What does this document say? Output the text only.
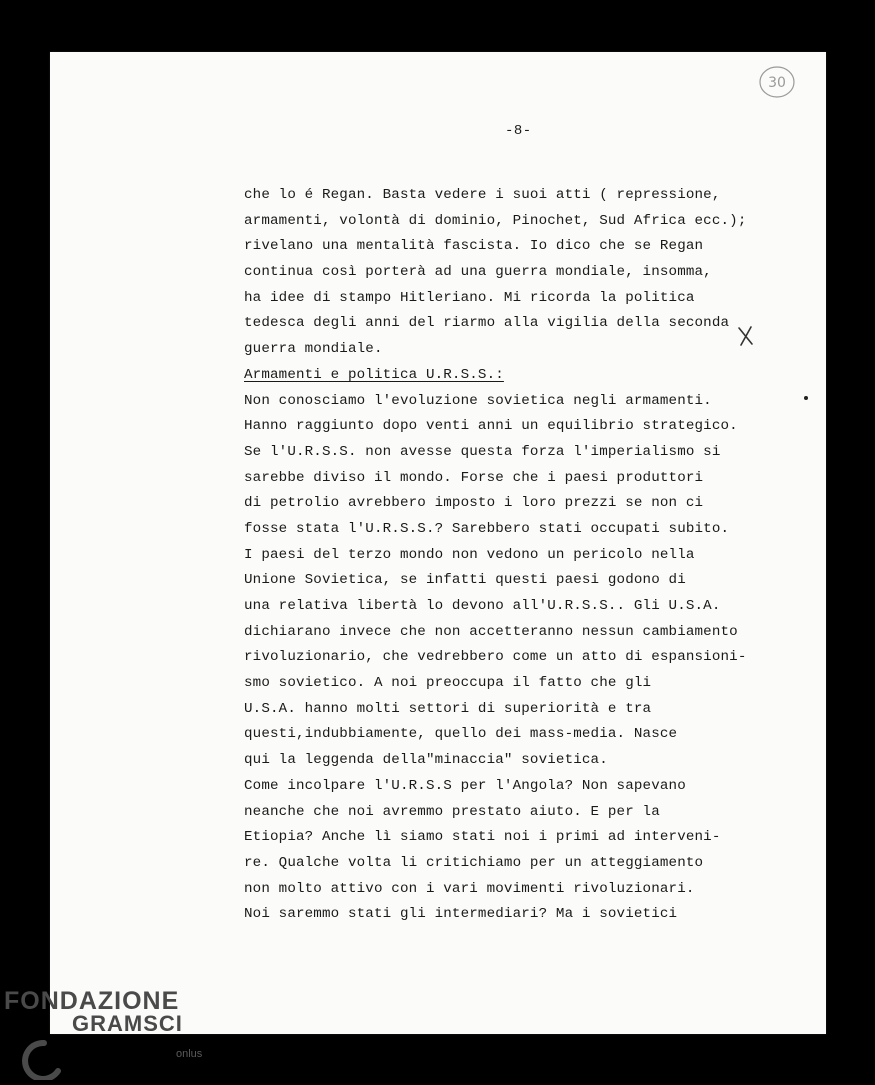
30
-8-
che lo é Regan. Basta vedere i suoi atti ( repressione,
armamenti, volontà di dominio, Pinochet, Sud Africa ecc.);
rivelano una mentalità fascista. Io dico che se Regan
continua così porterà ad una guerra mondiale, insomma,
ha idee di stampo Hitleriano. Mi ricorda la politica
tedesca degli anni del riarmo alla vigilia della seconda
guerra mondiale.
Armamenti e politica U.R.S.S.:
Non conosciamo l'evoluzione sovietica negli armamenti.
Hanno raggiunto dopo venti anni un equilibrio strategico.
Se l'U.R.S.S. non avesse questa forza l'imperialismo si
sarebbe diviso il mondo. Forse che i paesi produttori
di petrolio avrebbero imposto i loro prezzi se non ci
fosse stata l'U.R.S.S.? Sarebbero stati occupati subito.
I paesi del terzo mondo non vedono un pericolo nella
Unione Sovietica, se infatti questi paesi godono di
una relativa libertà lo devono all'U.R.S.S.. Gli U.S.A.
dichiarano invece che non accetteranno nessun cambiamento
rivoluzionario, che vedrebbero come un atto di espansioni-
smo sovietico. A noi preoccupa il fatto che gli
U.S.A. hanno molti settori di superiorità e tra
questi,indubbiamente, quello dei mass-media. Nasce
qui la leggenda della"minaccia" sovietica.
Come incolpare l'U.R.S.S per l'Angola? Non sapevano
neanche che noi avremmo prestato aiuto. E per la
Etiopia? Anche lì siamo stati noi i primi ad interveni-
re. Qualche volta li critichiamo per un atteggiamento
non molto attivo con i vari movimenti rivoluzionari.
Noi saremmo stati gli intermediari? Ma i sovietici
FONDAZIONE
GRAMSCI
onlus
